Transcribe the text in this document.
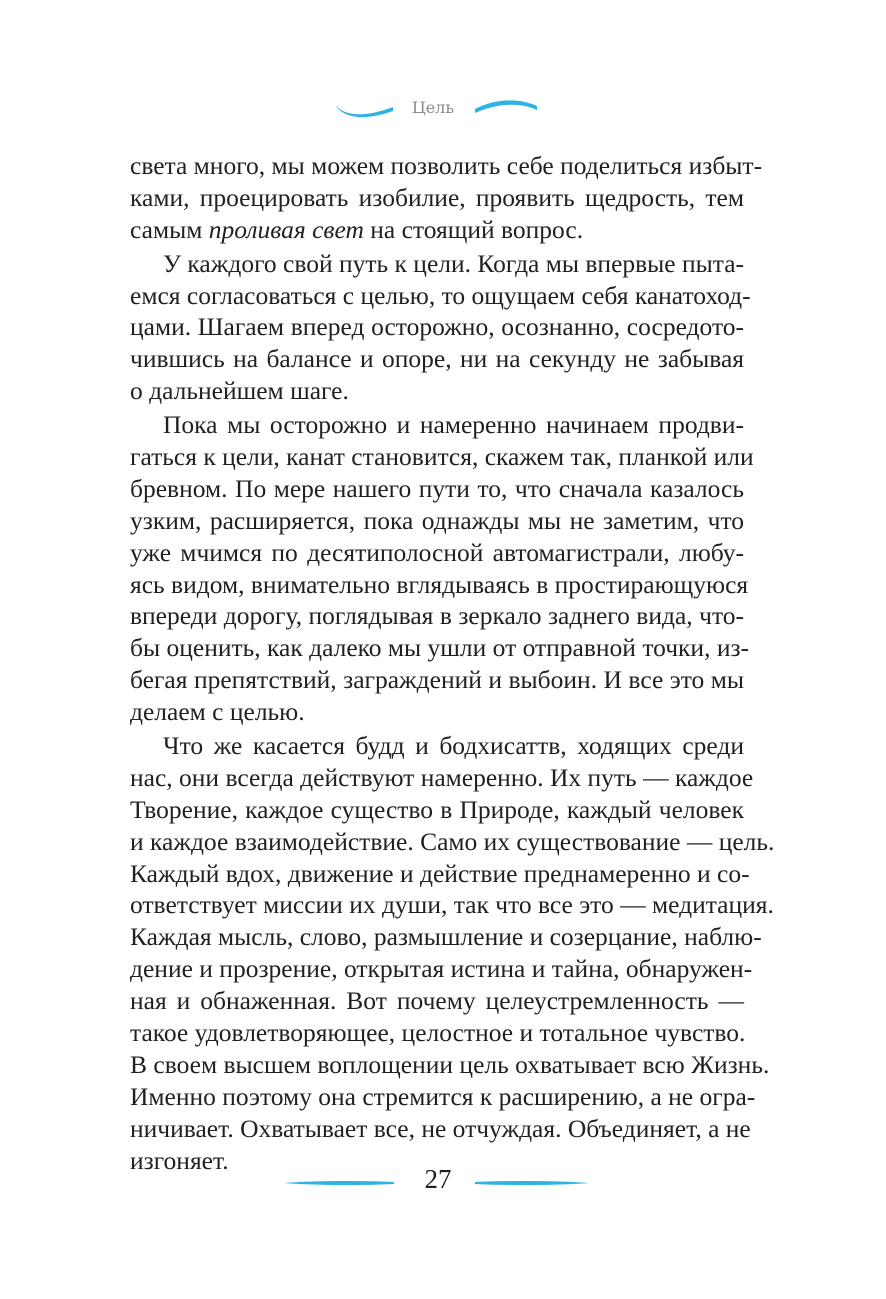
Цель
света много, мы можем позволить себе поделиться избыт-
ками, проецировать изобилие, проявить щедрость, тем
самым проливая свет на стоящий вопрос.
У каждого свой путь к цели. Когда мы впервые пыта-
емся согласоваться с целью, то ощущаем себя канатоход-
цами. Шагаем вперед осторожно, осознанно, сосредото-
чившись на балансе и опоре, ни на секунду не забывая
о дальнейшем шаге.
Пока мы осторожно и намеренно начинаем продви-
гаться к цели, канат становится, скажем так, планкой или
бревном. По мере нашего пути то, что сначала казалось
узким, расширяется, пока однажды мы не заметим, что
уже мчимся по десятиполосной автомагистрали, любу-
ясь видом, внимательно вглядываясь в простирающуюся
впереди дорогу, поглядывая в зеркало заднего вида, что-
бы оценить, как далеко мы ушли от отправной точки, из-
бегая препятствий, заграждений и выбоин. И все это мы
делаем с целью.
Что же касается будд и бодхисаттв, ходящих среди
нас, они всегда действуют намеренно. Их путь — каждое
Творение, каждое существо в Природе, каждый человек
и каждое взаимодействие. Само их существование — цель.
Каждый вдох, движение и действие преднамеренно и со-
ответствует миссии их души, так что все это — медитация.
Каждая мысль, слово, размышление и созерцание, наблю-
дение и прозрение, открытая истина и тайна, обнаружен-
ная и обнаженная. Вот почему целеустремленность —
такое удовлетворяющее, целостное и тотальное чувство.
В своем высшем воплощении цель охватывает всю Жизнь.
Именно поэтому она стремится к расширению, а не огра-
ничивает. Охватывает все, не отчуждая. Объединяет, а не
изгоняет.
27
